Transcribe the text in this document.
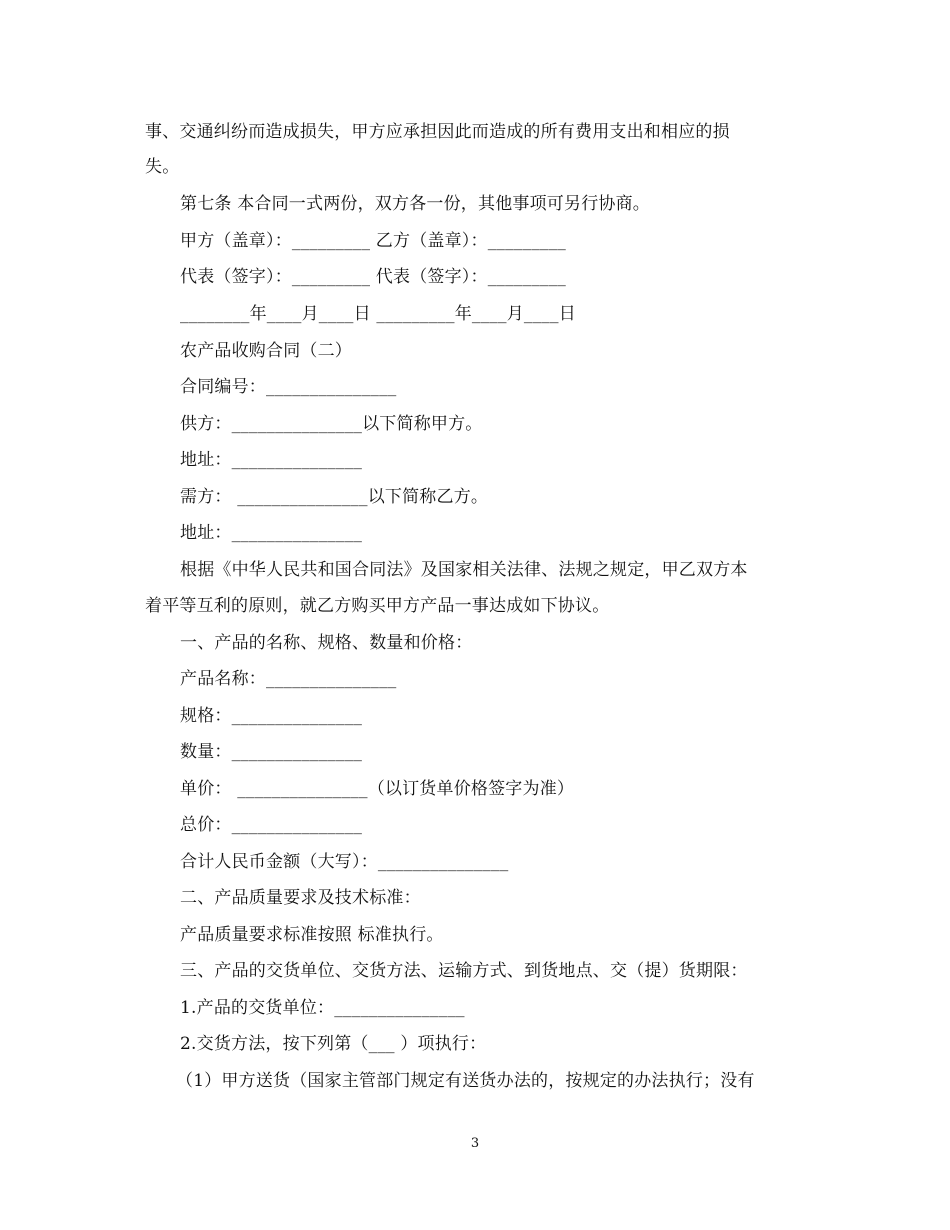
事、交通纠纷而造成损失，甲方应承担因此而造成的所有费用支出和相应的损
失。
第七条 本合同一式两份，双方各一份，其他事项可另行协商。
甲方（盖章）：_________ 乙方（盖章）：_________
代表（签字）：_________ 代表（签字）：_________
________年____月____日 _________年____月____日
农产品收购合同（二）
合同编号：_______________
供方：_______________以下简称甲方。
地址：_______________
需方： _______________以下简称乙方。
地址：_______________
根据《中华人民共和国合同法》及国家相关法律、法规之规定，甲乙双方本
着平等互利的原则，就乙方购买甲方产品一事达成如下协议。
一、产品的名称、规格、数量和价格：
产品名称：_______________
规格：_______________
数量：_______________
单价： _______________（以订货单价格签字为准）
总价：_______________
合计人民币金额（大写）：_______________
二、产品质量要求及技术标准：
产品质量要求标准按照 标准执行。
三、产品的交货单位、交货方法、运输方式、到货地点、交（提）货期限：
1.产品的交货单位：_______________
2.交货方法，按下列第（___ ）项执行：
（1）甲方送货（国家主管部门规定有送货办法的，按规定的办法执行；没有
3
